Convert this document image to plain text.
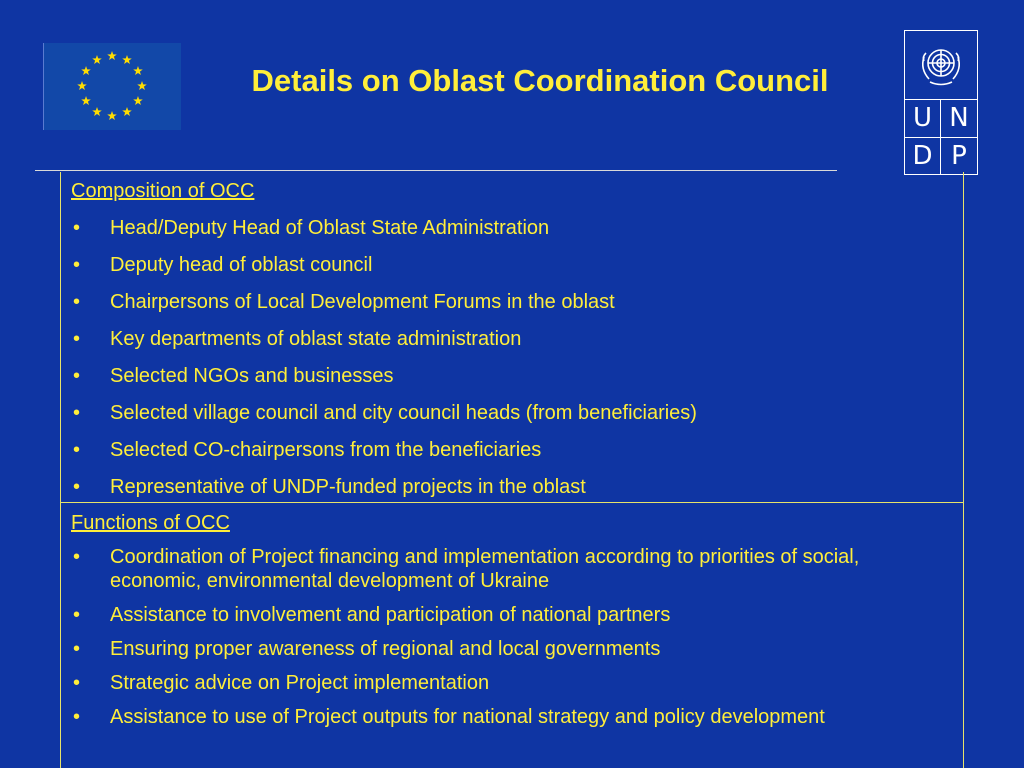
Details on Oblast Coordination Council
U N
D P
Composition of OCC
• Head/Deputy Head of Oblast State Administration
• Deputy head of oblast council
• Chairpersons of Local Development Forums in the oblast
• Key departments of oblast state administration
• Selected NGOs and businesses
• Selected village council and city council heads (from beneficiaries)
• Selected CO-chairpersons from the beneficiaries
• Representative of UNDP-funded projects in the oblast
Functions of OCC
• Coordination of Project financing and implementation according to priorities of social, economic, environmental development of Ukraine
• Assistance to involvement and participation of national partners
• Ensuring proper awareness of regional and local governments
• Strategic advice on Project implementation
• Assistance to use of Project outputs for national strategy and policy development
